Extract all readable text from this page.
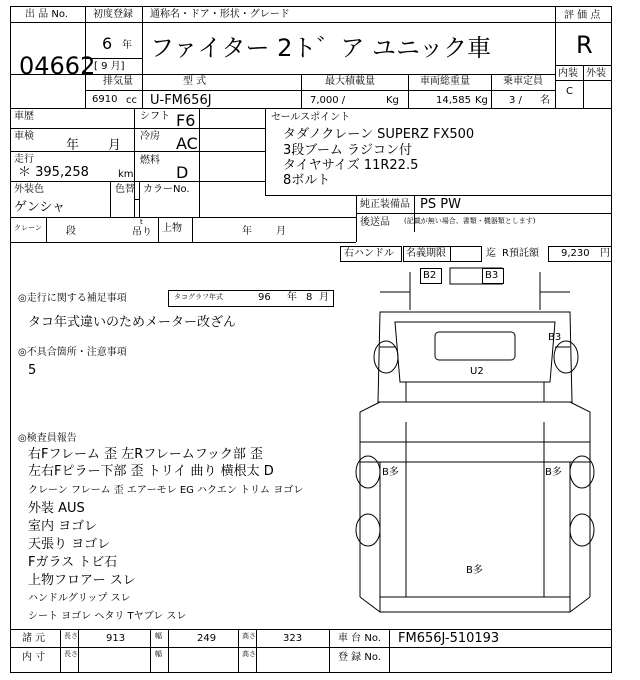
出 品 No.
04662
初度登録 通称名・ドア・形状・グレード
6 年
[ 9 月]
ファイター 2ト゛ア ユニック車
評 価 点
R
内装 外装
C
排気量
6910 cc
型 式
U-FM656J
最大積載量
7,000 /	Kg
車両総重量
14,585 Kg
乗車定員
3 / 名
車歴
車検
年 月
走行
＊ 395,258	km
シフト F6
冷房 AC
燃料
D
外装色
ゲンシャ
色替 カラーNo.
クレーン 段
t
吊り 上物	年 月
セールスポイント
タダノクレーン SUPERZ FX500
3段ブーム ラジコン付
タイヤサイズ 11R22.5
8ボルト
純正装備品 PS PW
後送品 (記載が無い場合、書類・機器類とします)
右ハンドル 名義期限	迄 R預託額 9,230 円
◎走行に関する補足事項	タコグラフ年式	96 年 8 月
タコ年式違いのためメーター改ざん
◎不具合箇所・注意事項
5
◎検査員報告
右Fフレーム 歪 左Rフレームフック部 歪
左右Fピラー下部 歪 トリイ 曲り 横根太 D
クレーン フレーム 歪 エアーモレ EG ハクエン トリム ヨゴレ
外装 AUS
室内 ヨゴレ
天張り ヨゴレ
Fガラス トビ石
上物フロアー スレ
ハンドルグリップ スレ
シート ヨゴレ ヘタリ Tヤブレ スレ
B2	B3
B3
U2
B多	B多
B多
諸 元	長さ	913	幅	249	高さ	323	車 台 No. FM656J-510193
内 寸	長さ	幅	高さ	登 録 No.
